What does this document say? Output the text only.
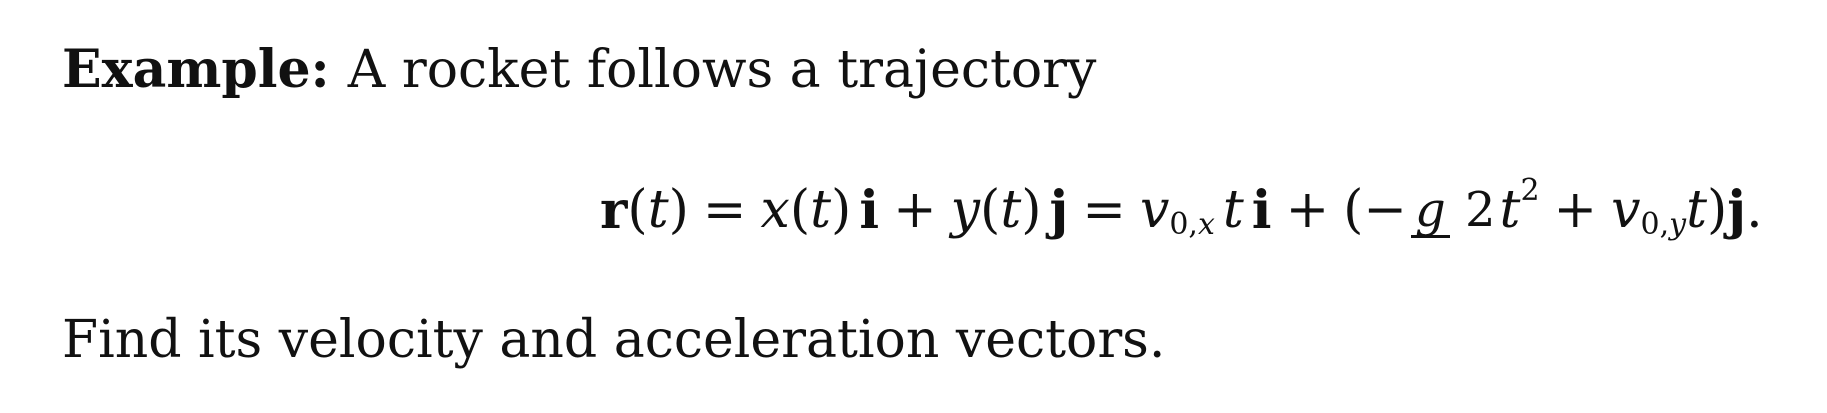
Example: A rocket follows a trajectory
r ( t ) = x ( t ) i + y ( t ) j = v 0,x t i + (− g 2 t 2 + v 0,y t ) j .
Find its velocity and acceleration vectors.
